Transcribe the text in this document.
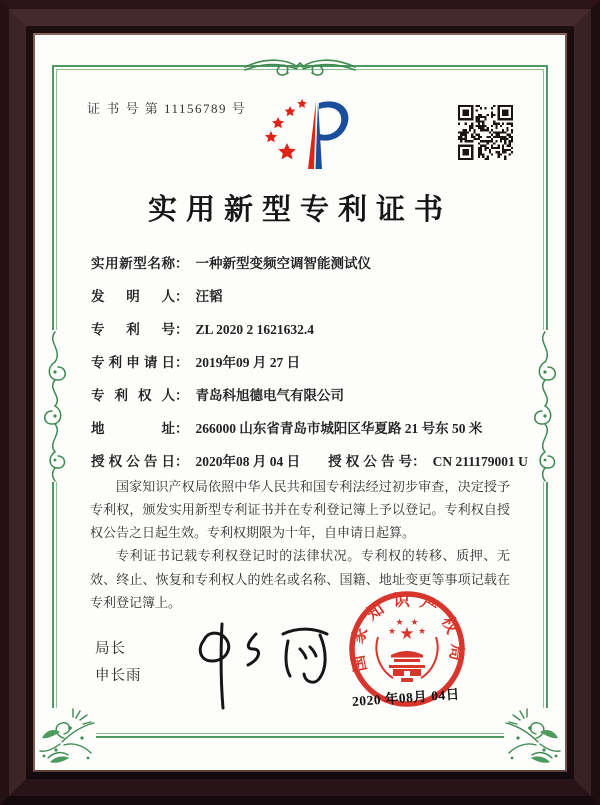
证 书 号 第 11156789 号
实用新型专利证书
实用新型名称： 一种新型变频空调智能测试仪
发明人： 汪韬
专利号： ZL 2020 2 1621632.4
专利申请日： 2019年09 月 27 日
专利权人： 青岛科旭德电气有限公司
地址： 266000 山东省青岛市城阳区华夏路 21 号东 50 米
授权公告日： 2020年08 月 04 日 授权公告号： CN 211179001 U

国家知识产权局依照中华人民共和国专利法经过初步审查，决定授予专利权，颁发实用新型专利证书并在专利登记簿上予以登记。专利权自授权公告之日起生效。专利权期限为十年，自申请日起算。

专利证书记载专利权登记时的法律状况。专利权的转移、质押、无效、终止、恢复和专利权人的姓名或名称、国籍、地址变更等事项记载在专利登记簿上。

局长
申长雨
国家知识产权局
★
★
★ ★
★
2020 年08月 04日
